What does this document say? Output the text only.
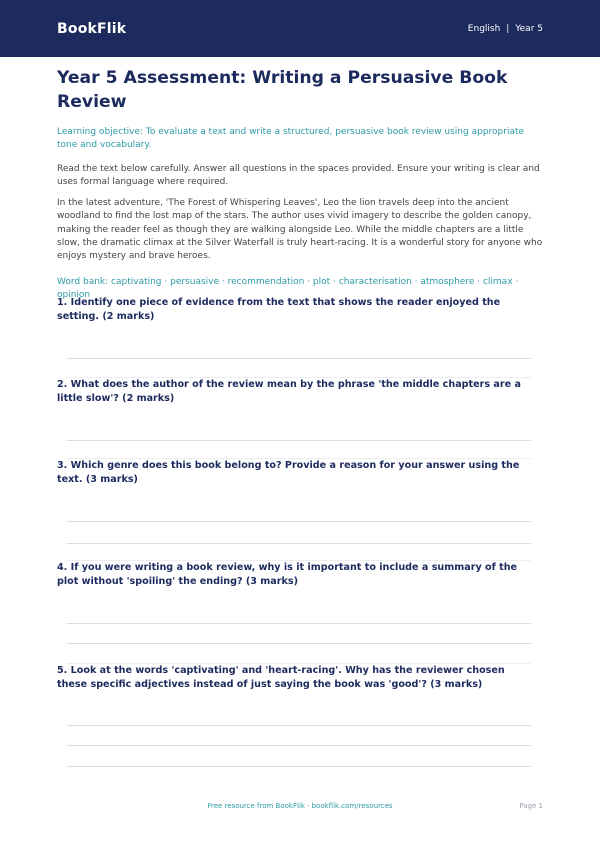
BookFlik	English | Year 5
Year 5 Assessment: Writing a Persuasive Book Review

Learning objective: To evaluate a text and write a structured, persuasive book review using appropriate tone and vocabulary.

Read the text below carefully. Answer all questions in the spaces provided. Ensure your writing is clear and uses formal language where required.

In the latest adventure, 'The Forest of Whispering Leaves', Leo the lion travels deep into the ancient woodland to find the lost map of the stars. The author uses vivid imagery to describe the golden canopy, making the reader feel as though they are walking alongside Leo. While the middle chapters are a little slow, the dramatic climax at the Silver Waterfall is truly heart-racing. It is a wonderful story for anyone who enjoys mystery and brave heroes.

Word bank: captivating · persuasive · recommendation · plot · characterisation · atmosphere · climax · opinion

1. Identify one piece of evidence from the text that shows the reader enjoyed the setting. (2 marks)
2. What does the author of the review mean by the phrase 'the middle chapters are a little slow'? (2 marks)
3. Which genre does this book belong to? Provide a reason for your answer using the text. (3 marks)
4. If you were writing a book review, why is it important to include a summary of the plot without 'spoiling' the ending? (3 marks)
5. Look at the words 'captivating' and 'heart-racing'. Why has the reviewer chosen these specific adjectives instead of just saying the book was 'good'? (3 marks)
Free resource from BookFlik · bookflik.com/resources	Page 1
